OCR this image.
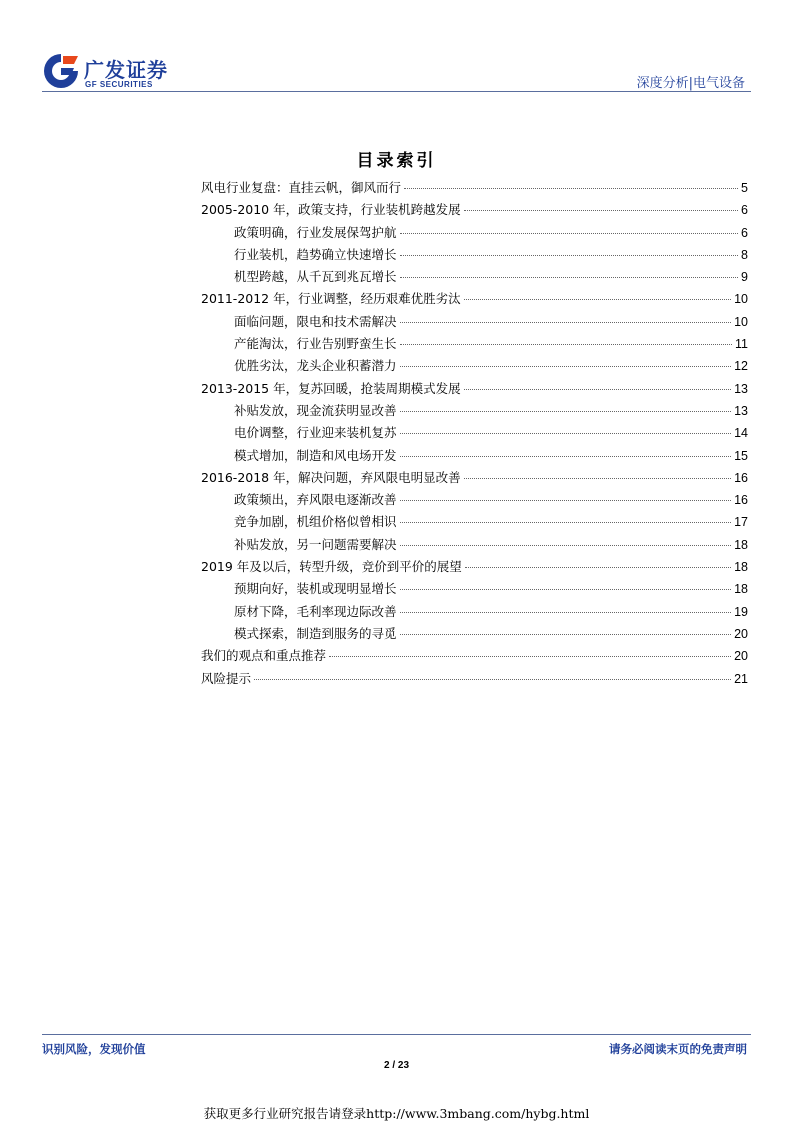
广发证券
GF SECURITIES	深度分析|电气设备
目录索引
风电行业复盘：直挂云帆，御风而行	5
2005-2010 年，政策支持，行业装机跨越发展	6
政策明确，行业发展保驾护航	6
行业装机，趋势确立快速增长	8
机型跨越，从千瓦到兆瓦增长	9
2011-2012 年，行业调整，经历艰难优胜劣汰	10
面临问题，限电和技术需解决	10
产能淘汰，行业告别野蛮生长	11
优胜劣汰，龙头企业积蓄潜力	12
2013-2015 年，复苏回暖，抢装周期模式发展	13
补贴发放，现金流获明显改善	13
电价调整，行业迎来装机复苏	14
模式增加，制造和风电场开发	15
2016-2018 年，解决问题，弃风限电明显改善	16
政策频出，弃风限电逐渐改善	16
竞争加剧，机组价格似曾相识	17
补贴发放，另一问题需要解决	18
2019 年及以后，转型升级，竞价到平价的展望	18
预期向好，装机或现明显增长	18
原材下降，毛利率现边际改善	19
模式探索，制造到服务的寻觅	20
我们的观点和重点推荐	20
风险提示	21
识别风险，发现价值	请务必阅读末页的免责声明
2 / 23
获取更多行业研究报告请登录http://www.3mbang.com/hybg.html
